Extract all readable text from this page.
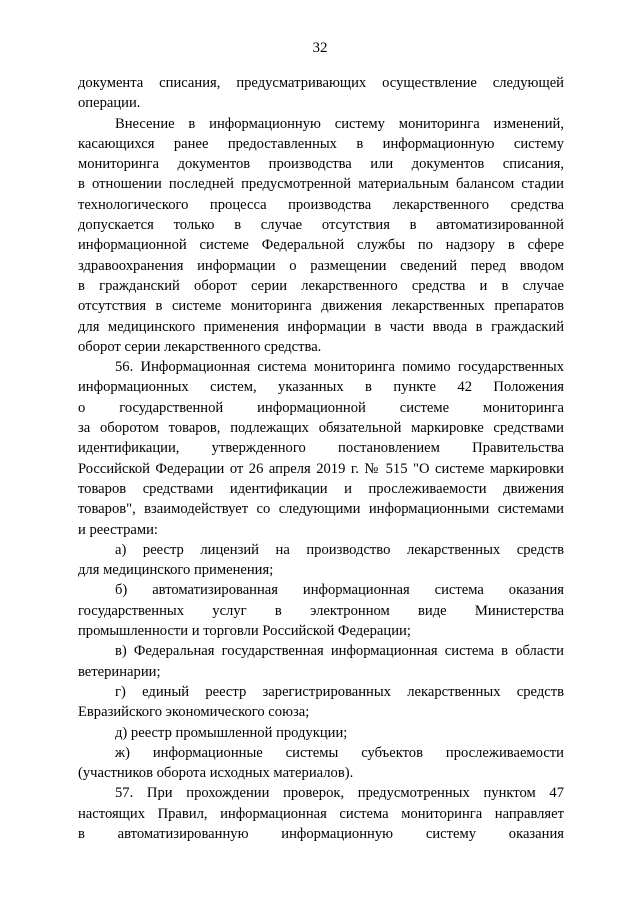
32
документа списания, предусматривающих осуществление следующей
операции.
Внесение в информационную систему мониторинга изменений,
касающихся ранее предоставленных в информационную систему
мониторинга документов производства или документов списания,
в отношении последней предусмотренной материальным балансом стадии
технологического процесса производства лекарственного средства
допускается только в случае отсутствия в автоматизированной
информационной системе Федеральной службы по надзору в сфере
здравоохранения информации о размещении сведений перед вводом
в гражданский оборот серии лекарственного средства и в случае
отсутствия в системе мониторинга движения лекарственных препаратов
для медицинского применения информации в части ввода в граждаский
оборот серии лекарственного средства.
56. Информационная система мониторинга помимо государственных
информационных систем, указанных в пункте 42 Положения
о государственной информационной системе мониторинга
за оборотом товаров, подлежащих обязательной маркировке средствами
идентификации, утвержденного постановлением Правительства
Российской Федерации от 26 апреля 2019 г. № 515 "О системе маркировки
товаров средствами идентификации и прослеживаемости движения
товаров", взаимодействует со следующими информационными системами
и реестрами:
а) реестр лицензий на производство лекарственных средств
для медицинского применения;
б) автоматизированная информационная система оказания
государственных услуг в электронном виде Министерства
промышленности и торговли Российской Федерации;
в) Федеральная государственная информационная система в области
ветеринарии;
г) единый реестр зарегистрированных лекарственных средств
Евразийского экономического союза;
д) реестр промышленной продукции;
ж) информационные системы субъектов прослеживаемости
(участников оборота исходных материалов).
57. При прохождении проверок, предусмотренных пунктом 47
настоящих Правил, информационная система мониторинга направляет
в автоматизированную информационную систему оказания
